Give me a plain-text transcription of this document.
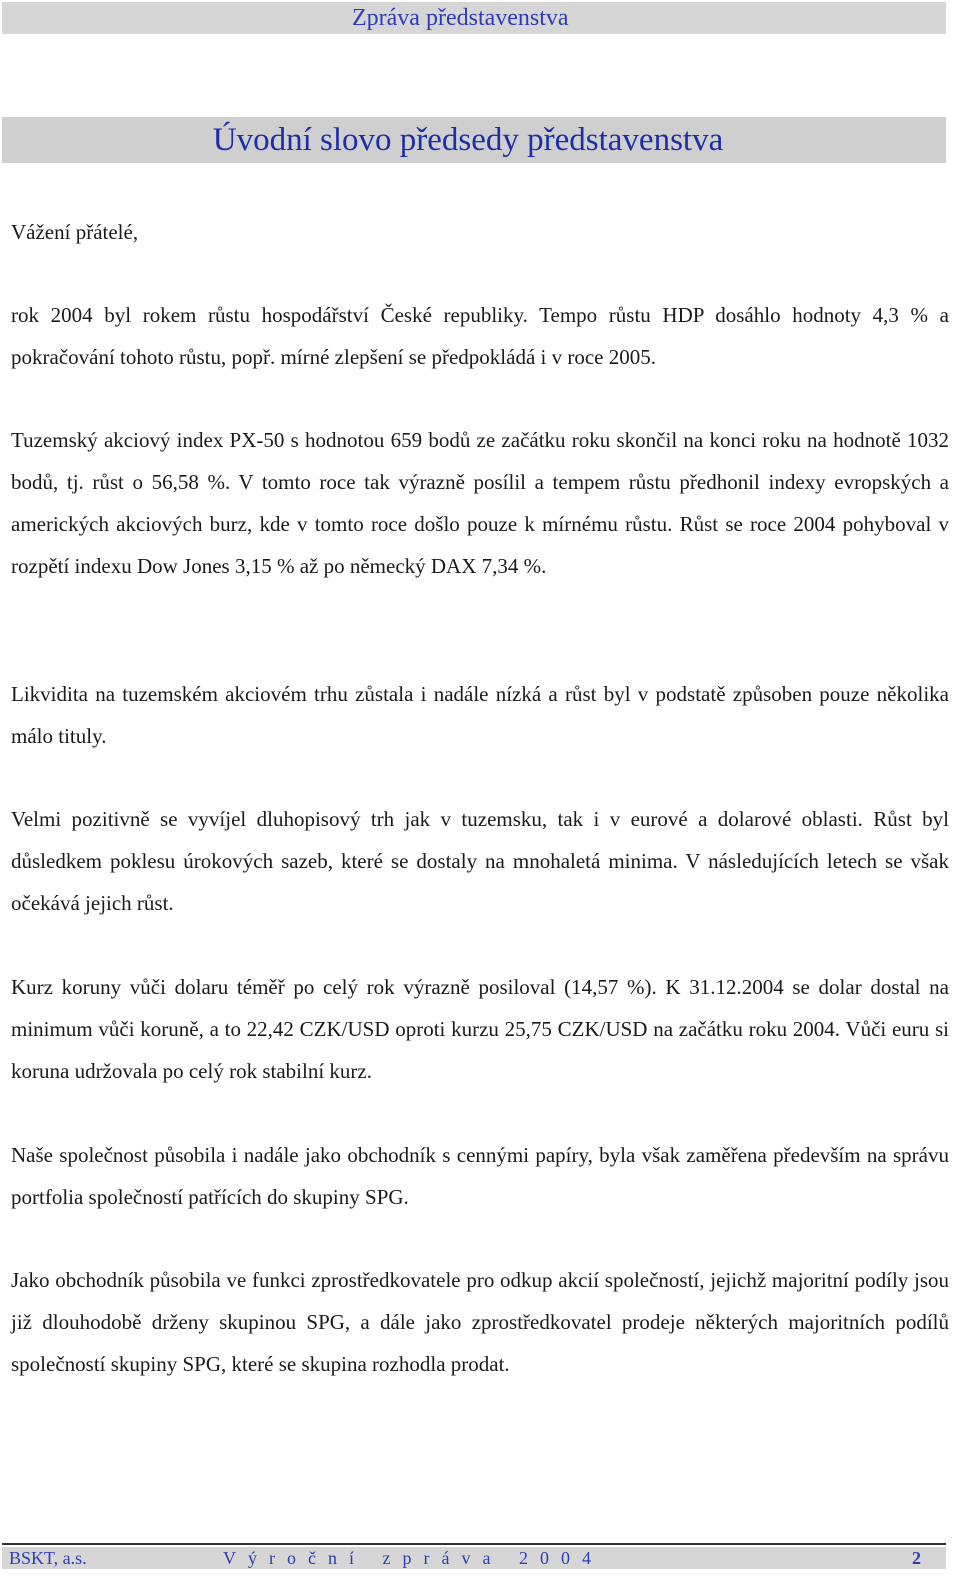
Zpráva představenstva
Úvodní slovo předsedy představenstva
Vážení přátelé,

rok 2004 byl rokem růstu hospodářství České republiky. Tempo růstu HDP dosáhlo hodnoty 4,3 % a pokračování tohoto růstu, popř. mírné zlepšení se předpokládá i v roce 2005.

Tuzemský akciový index PX-50 s hodnotou 659 bodů ze začátku roku skončil na konci roku na hodnotě 1032 bodů, tj. růst o 56,58 %. V tomto roce tak výrazně posílil a tempem růstu předhonil indexy evropských a amerických akciových burz, kde v tomto roce došlo pouze k mírnému růstu. Růst se roce 2004 pohyboval v rozpětí indexu Dow Jones 3,15 % až po německý DAX 7,34 %.

Likvidita na tuzemském akciovém trhu zůstala i nadále nízká a růst byl v podstatě způsoben pouze několika málo tituly.

Velmi pozitivně se vyvíjel dluhopisový trh jak v tuzemsku, tak i v eurové a dolarové oblasti. Růst byl důsledkem poklesu úrokových sazeb, které se dostaly na mnohaletá minima. V následujících letech se však očekává jejich růst.

Kurz koruny vůči dolaru téměř po celý rok výrazně posiloval (14,57 %). K 31.12.2004 se dolar dostal na minimum vůči koruně, a to 22,42 CZK/USD oproti kurzu 25,75 CZK/USD na začátku roku 2004. Vůči euru si koruna udržovala po celý rok stabilní kurz.

Naše společnost působila i nadále jako obchodník s cennými papíry, byla však zaměřena především na správu portfolia společností patřících do skupiny SPG.

Jako obchodník působila ve funkci zprostředkovatele pro odkup akcií společností, jejichž majoritní podíly jsou již dlouhodobě drženy skupinou SPG, a dále jako zprostředkovatel prodeje některých majoritních podílů společností skupiny SPG, které se skupina rozhodla prodat.

BSKT, a.s.	Výroční zpráva 2004	2
